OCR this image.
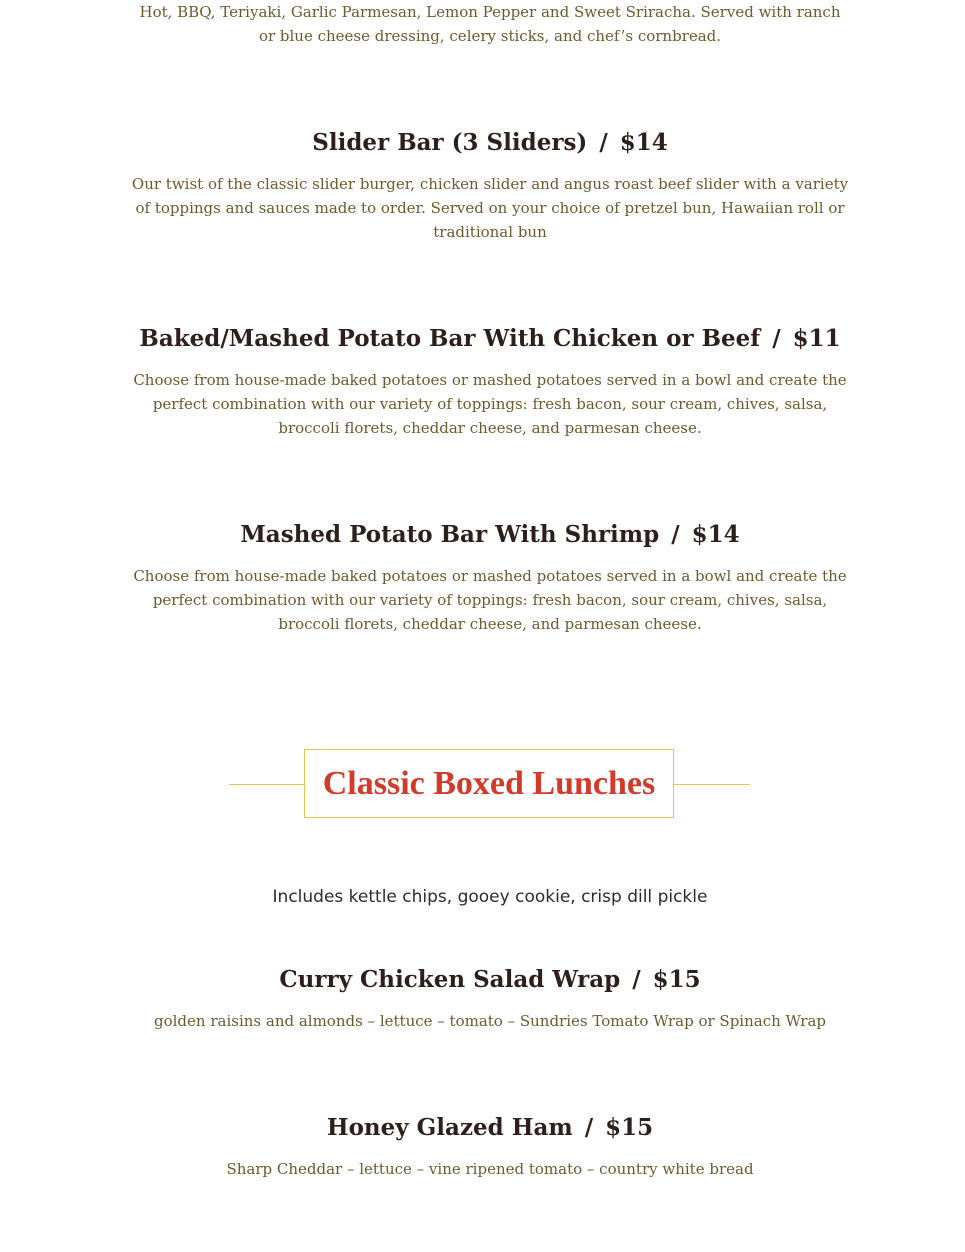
Hot, BBQ, Teriyaki, Garlic Parmesan, Lemon Pepper and Sweet Sriracha. Served with ranch or blue cheese dressing, celery sticks, and chef’s cornbread.

Slider Bar (3 Sliders) / $14

Our twist of the classic slider burger, chicken slider and angus roast beef slider with a variety of toppings and sauces made to order. Served on your choice of pretzel bun, Hawaiian roll or traditional bun

Baked/Mashed Potato Bar With Chicken or Beef / $11

Choose from house-made baked potatoes or mashed potatoes served in a bowl and create the perfect combination with our variety of toppings: fresh bacon, sour cream, chives, salsa, broccoli florets, cheddar cheese, and parmesan cheese.

Mashed Potato Bar With Shrimp / $14

Choose from house-made baked potatoes or mashed potatoes served in a bowl and create the perfect combination with our variety of toppings: fresh bacon, sour cream, chives, salsa, broccoli florets, cheddar cheese, and parmesan cheese.

Classic Boxed Lunches

Includes kettle chips, gooey cookie, crisp dill pickle

Curry Chicken Salad Wrap / $15

golden raisins and almonds – lettuce – tomato – Sundries Tomato Wrap or Spinach Wrap

Honey Glazed Ham / $15

Sharp Cheddar – lettuce – vine ripened tomato – country white bread
